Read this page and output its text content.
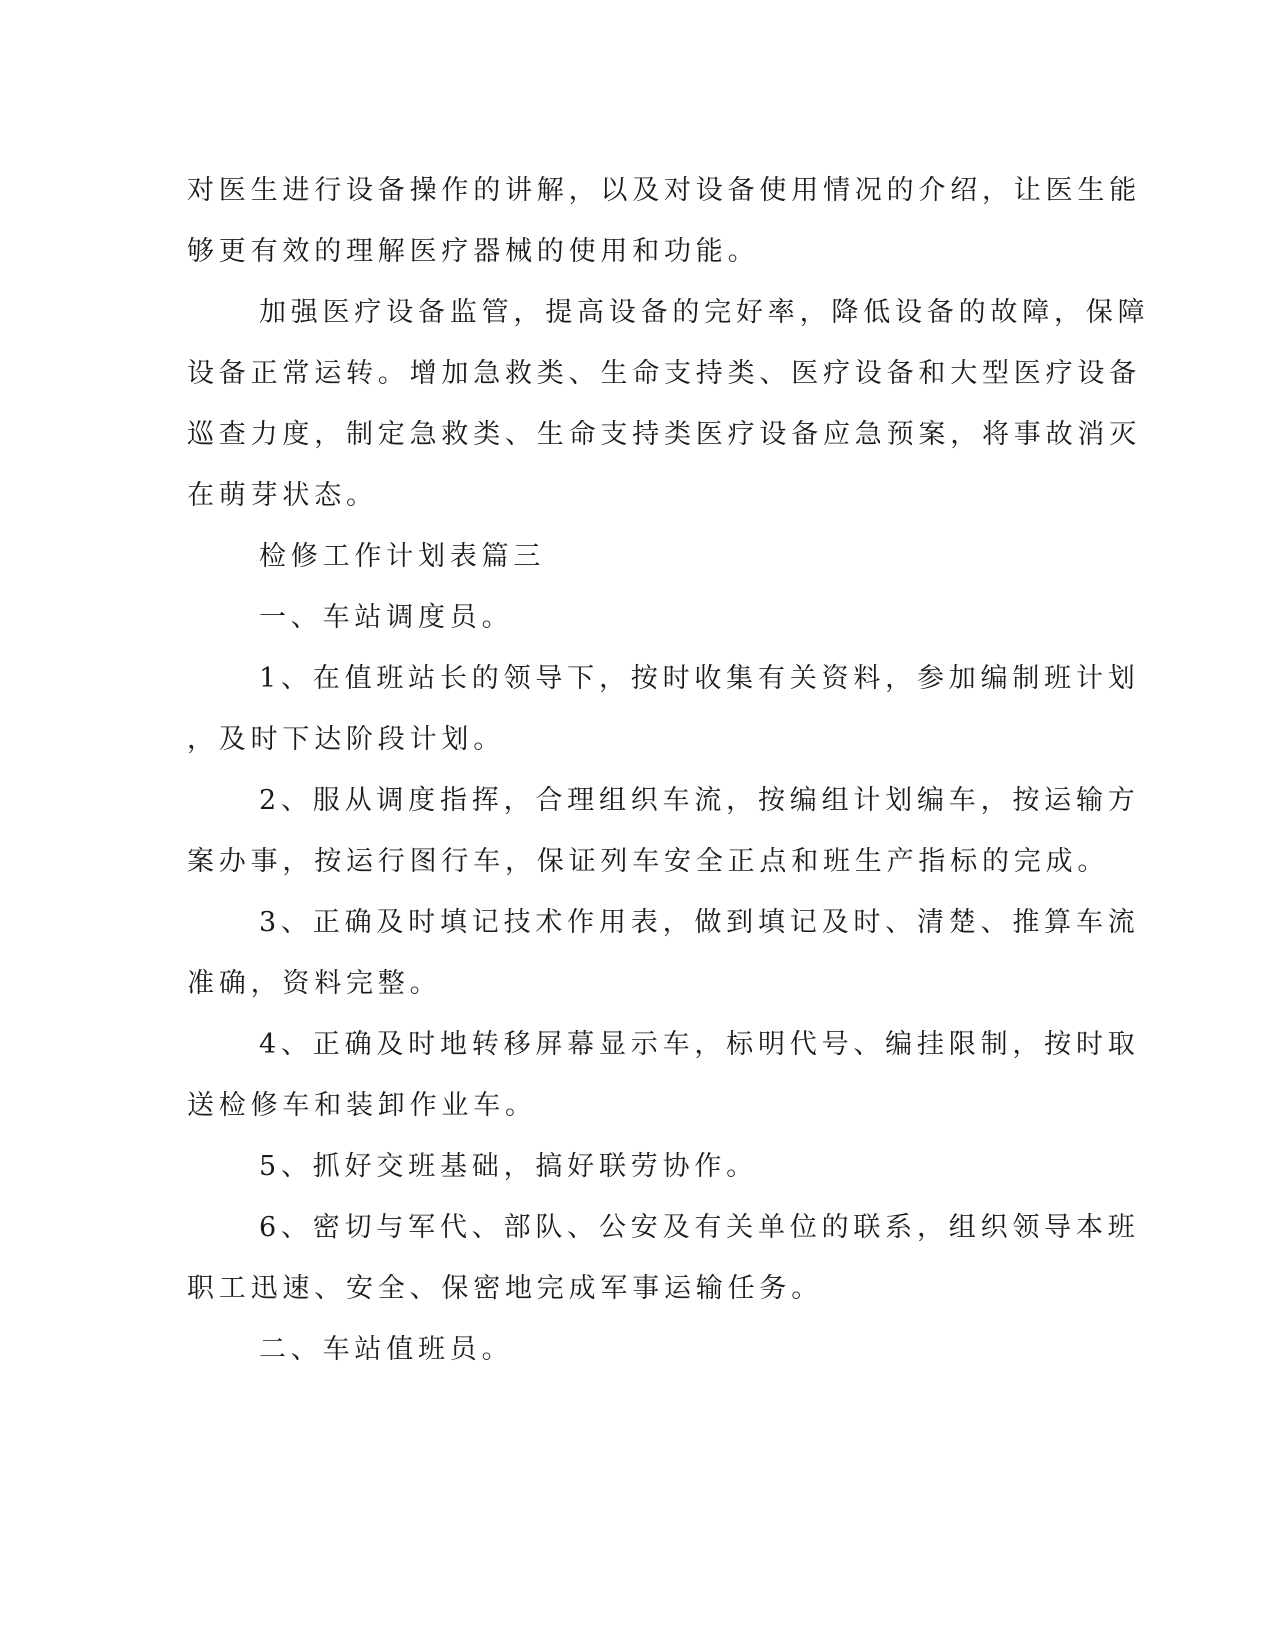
对医生进行设备操作的讲解，以及对设备使用情况的介绍，让医生能
够更有效的理解医疗器械的使用和功能。

加强医疗设备监管，提高设备的完好率，降低设备的故障，保障
设备正常运转。增加急救类、生命支持类、医疗设备和大型医疗设备
巡查力度，制定急救类、生命支持类医疗设备应急预案，将事故消灭
在萌芽状态。

检修工作计划表篇三

一、车站调度员。

1、在值班站长的领导下，按时收集有关资料，参加编制班计划
，及时下达阶段计划。

2、服从调度指挥，合理组织车流，按编组计划编车，按运输方
案办事，按运行图行车，保证列车安全正点和班生产指标的完成。

3、正确及时填记技术作用表，做到填记及时、清楚、推算车流
准确，资料完整。

4、正确及时地转移屏幕显示车，标明代号、编挂限制，按时取
送检修车和装卸作业车。

5、抓好交班基础，搞好联劳协作。

6、密切与军代、部队、公安及有关单位的联系，组织领导本班
职工迅速、安全、保密地完成军事运输任务。

二、车站值班员。
